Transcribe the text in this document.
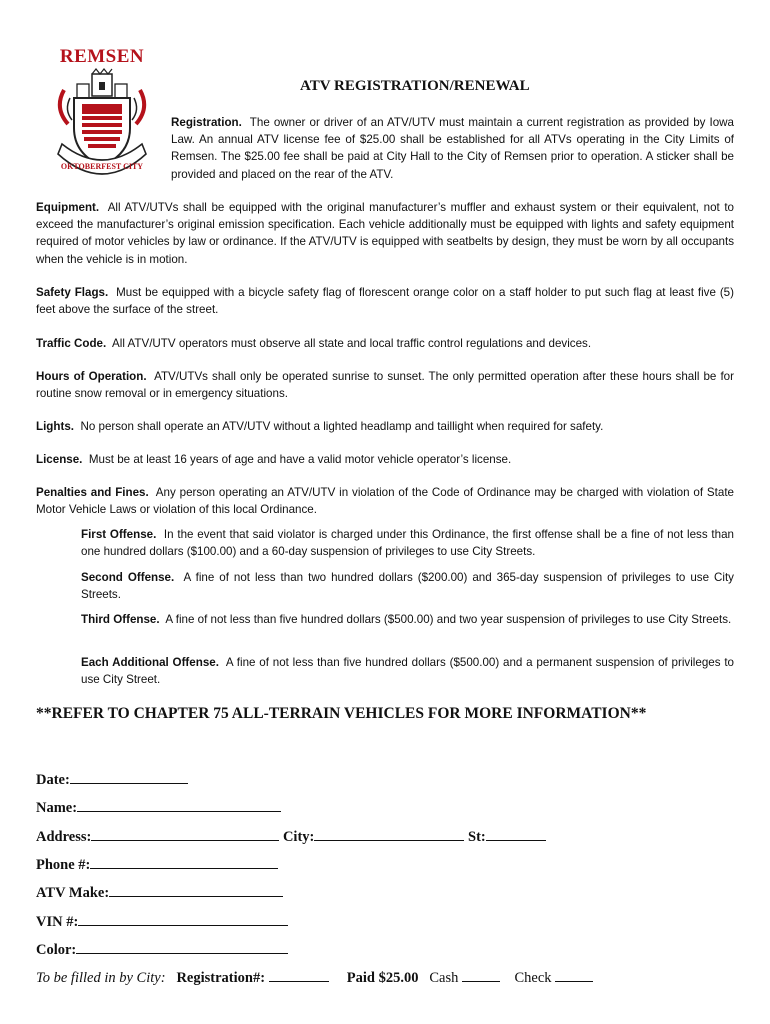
REMSEN
OKTOBERFEST CITY
ATV REGISTRATION/RENEWAL
Registration. The owner or driver of an ATV/UTV must maintain a current registration as provided by Iowa Law. An annual ATV license fee of $25.00 shall be established for all ATVs operating in the City Limits of Remsen. The $25.00 fee shall be paid at City Hall to the City of Remsen prior to operation. A sticker shall be provided and placed on the rear of the ATV.
Equipment. All ATV/UTVs shall be equipped with the original manufacturer’s muffler and exhaust system or their equivalent, not to exceed the manufacturer’s original emission specification. Each vehicle additionally must be equipped with lights and safety equipment required of motor vehicles by law or ordinance. If the ATV/UTV is equipped with seatbelts by design, they must be worn by all occupants when the vehicle is in motion.
Safety Flags. Must be equipped with a bicycle safety flag of florescent orange color on a staff holder to put such flag at least five (5) feet above the surface of the street.
Traffic Code. All ATV/UTV operators must observe all state and local traffic control regulations and devices.
Hours of Operation. ATV/UTVs shall only be operated sunrise to sunset. The only permitted operation after these hours shall be for routine snow removal or in emergency situations.
Lights. No person shall operate an ATV/UTV without a lighted headlamp and taillight when required for safety.
License. Must be at least 16 years of age and have a valid motor vehicle operator’s license.
Penalties and Fines. Any person operating an ATV/UTV in violation of the Code of Ordinance may be charged with violation of State Motor Vehicle Laws or violation of this local Ordinance.
First Offense. In the event that said violator is charged under this Ordinance, the first offense shall be a fine of not less than one hundred dollars ($100.00) and a 60-day suspension of privileges to use City Streets.
Second Offense. A fine of not less than two hundred dollars ($200.00) and 365-day suspension of privileges to use City Streets.
Third Offense. A fine of not less than five hundred dollars ($500.00) and two year suspension of privileges to use City Streets.
Each Additional Offense. A fine of not less than five hundred dollars ($500.00) and a permanent suspension of privileges to use City Street.
**REFER TO CHAPTER 75 ALL-TERRAIN VEHICLES FOR MORE INFORMATION**
Date:
Name:
Address:	City:	St:
Phone #:
ATV Make:
VIN #:
Color:
To be filled in by City: Registration#:	Paid $25.00 Cash	Check
